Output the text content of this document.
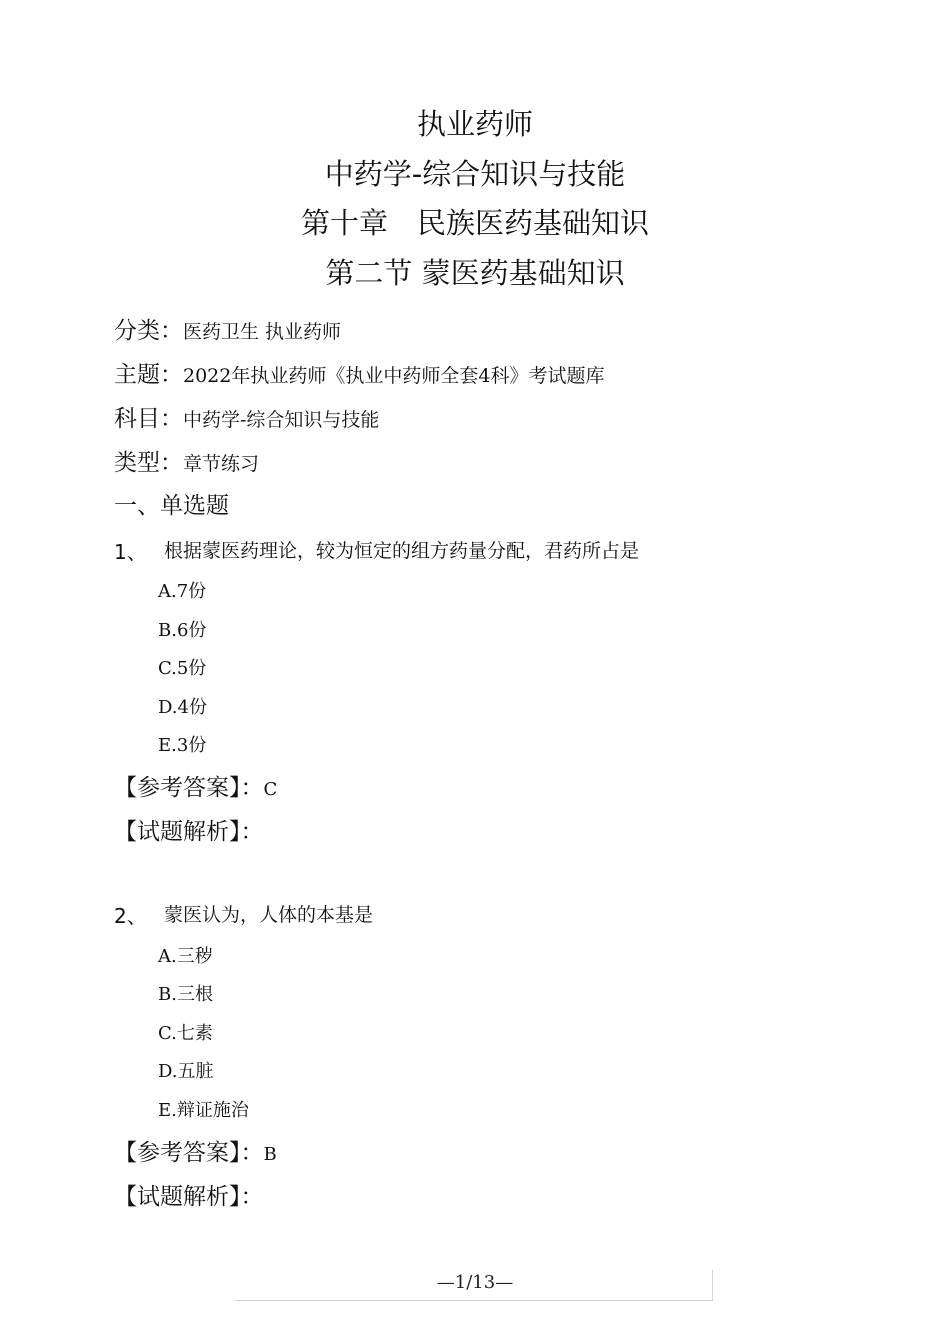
执业药师
中药学-综合知识与技能
第十章　民族医药基础知识
第二节 蒙医药基础知识
分类：医药卫生 执业药师
主题：2022年执业药师《执业中药师全套4科》考试题库
科目：中药学-综合知识与技能
类型：章节练习
一、单选题
1、 根据蒙医药理论，较为恒定的组方药量分配，君药所占是
A.7份
B.6份
C.5份
D.4份
E.3份
【参考答案】：C
【试题解析】：
2、 蒙医认为，人体的本基是
A.三秽
B.三根
C.七素
D.五脏
E.辩证施治
【参考答案】：B
【试题解析】：
—1/13—
